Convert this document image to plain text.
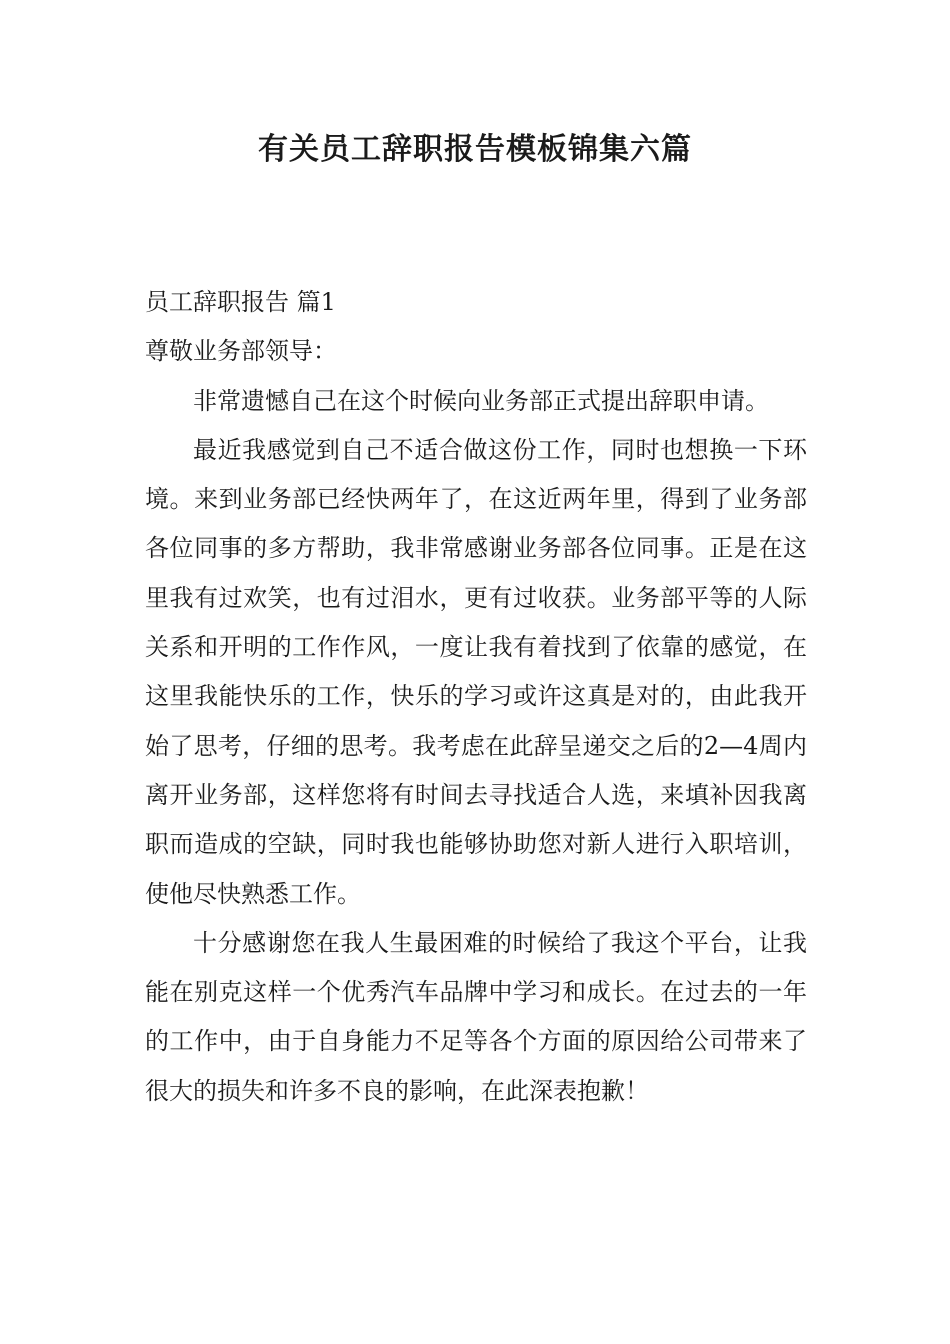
有关员工辞职报告模板锦集六篇

员工辞职报告 篇1

尊敬业务部领导：

非常遗憾自己在这个时候向业务部正式提出辞职申请。

最近我感觉到自己不适合做这份工作，同时也想换一下环境。来到业务部已经快两年了，在这近两年里，得到了业务部各位同事的多方帮助，我非常感谢业务部各位同事。正是在这里我有过欢笑，也有过泪水，更有过收获。业务部平等的人际关系和开明的工作作风，一度让我有着找到了依靠的感觉，在这里我能快乐的工作，快乐的学习或许这真是对的，由此我开始了思考，仔细的思考。我考虑在此辞呈递交之后的2—4周内离开业务部，这样您将有时间去寻找适合人选，来填补因我离职而造成的空缺，同时我也能够协助您对新人进行入职培训，使他尽快熟悉工作。

十分感谢您在我人生最困难的时候给了我这个平台，让我能在别克这样一个优秀汽车品牌中学习和成长。在过去的一年的工作中，由于自身能力不足等各个方面的原因给公司带来了很大的损失和许多不良的影响，在此深表抱歉！
